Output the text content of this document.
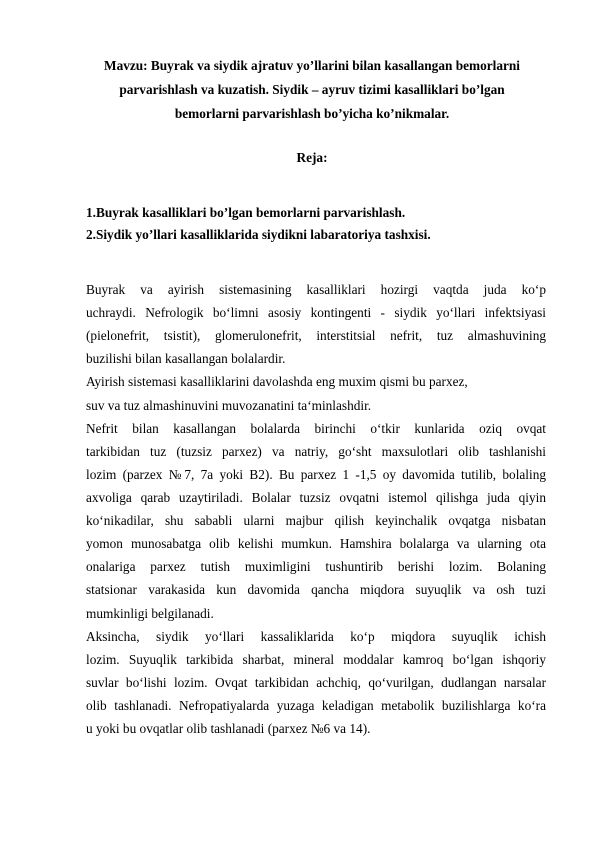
Mavzu: Buyrak va siydik ajratuv yo’llarini bilan kasallangan bemorlarni
parvarishlash va kuzatish. Siydik – ayruv tizimi kasalliklari bo’lgan
bemorlarni parvarishlash bo’yicha ko’nikmalar.
Reja:
1.Buyrak kasalliklari bo’lgan bemorlarni parvarishlash.
2.Siydik yo’llari kasalliklarida siydikni labaratoriya tashxisi.
Buyrak va ayirish sistemasining kasalliklari hozirgi vaqtda juda ko‘p
uchraydi. Nefrologik bo‘limni asosiy kontingenti - siydik yo‘llari infektsiyasi
(pielonefrit, tsistit), glomerulonefrit, interstitsial nefrit, tuz almashuvining
buzilishi bilan kasallangan bolalardir.
Ayirish sistemasi kasalliklarini davolashda eng muxim qismi bu parxez,
suv va tuz almashinuvini muvozanatini ta‘minlashdir.
Nefrit bilan kasallangan bolalarda birinchi o‘tkir kunlarida oziq ovqat
tarkibidan tuz (tuzsiz parxez) va natriy, go‘sht maxsulotlari olib tashlanishi
lozim (parzex №7, 7a yoki B2). Bu parxez 1 -1,5 oy davomida tutilib, bolaling
axvoliga qarab uzaytiriladi. Bolalar tuzsiz ovqatni istemol qilishga juda qiyin
ko‘nikadilar, shu sababli ularni majbur qilish keyinchalik ovqatga nisbatan
yomon munosabatga olib kelishi mumkun. Hamshira bolalarga va ularning ota
onalariga parxez tutish muximligini tushuntirib berishi lozim. Bolaning
statsionar varakasida kun davomida qancha miqdora suyuqlik va osh tuzi
mumkinligi belgilanadi.
Aksincha, siydik yo‘llari kassaliklarida ko‘p miqdora suyuqlik ichish
lozim. Suyuqlik tarkibida sharbat, mineral moddalar kamroq bo‘lgan ishqoriy
suvlar bo‘lishi lozim. Ovqat tarkibidan achchiq, qo‘vurilgan, dudlangan narsalar
olib tashlanadi. Nefropatiyalarda yuzaga keladigan metabolik buzilishlarga ko‘ra
u yoki bu ovqatlar olib tashlanadi (parxez №6 va 14).
